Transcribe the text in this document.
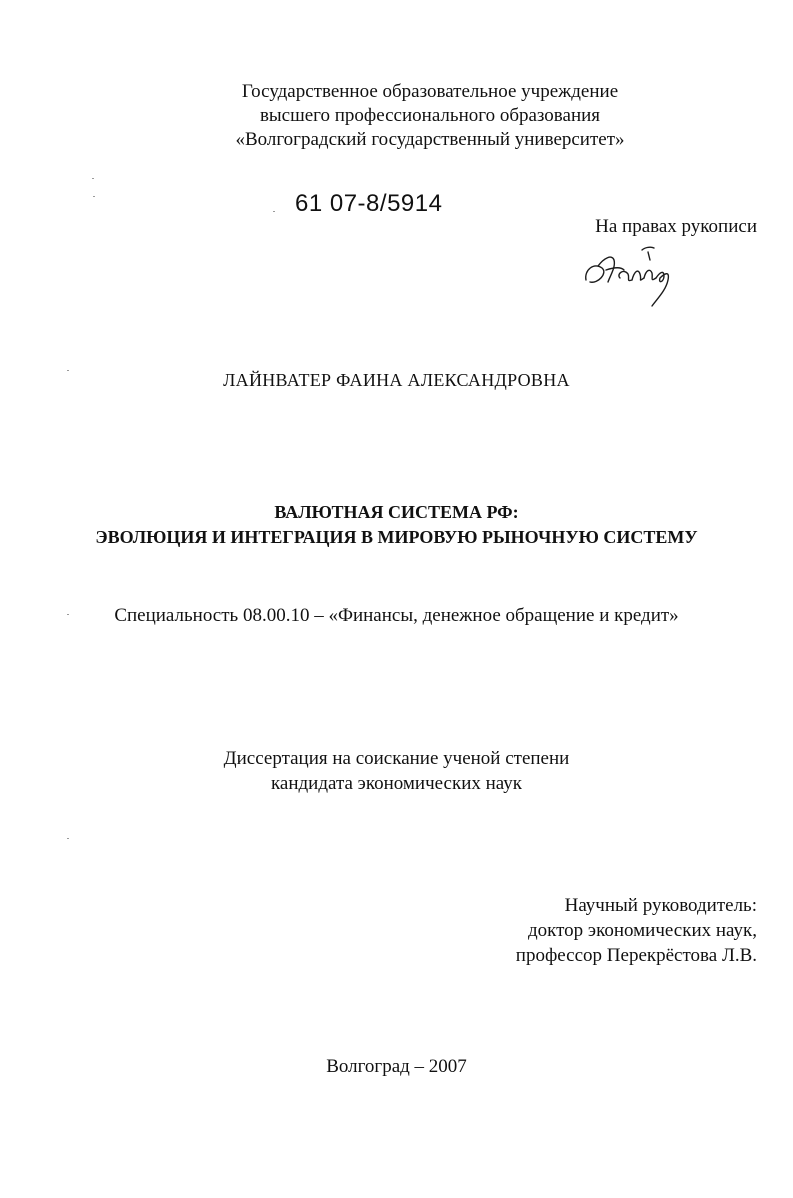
Государственное образовательное учреждение
высшего профессионального образования
«Волгоградский государственный университет»
61 07-8/5914
На правах рукописи
ЛАЙНВАТЕР ФАИНА АЛЕКСАНДРОВНА
ВАЛЮТНАЯ СИСТЕМА РФ:
ЭВОЛЮЦИЯ И ИНТЕГРАЦИЯ В МИРОВУЮ РЫНОЧНУЮ СИСТЕМУ
Специальность 08.00.10 – «Финансы, денежное обращение и кредит»
Диссертация на соискание ученой степени
кандидата экономических наук
Научный руководитель:
доктор экономических наук,
профессор Перекрёстова Л.В.
Волгоград – 2007
